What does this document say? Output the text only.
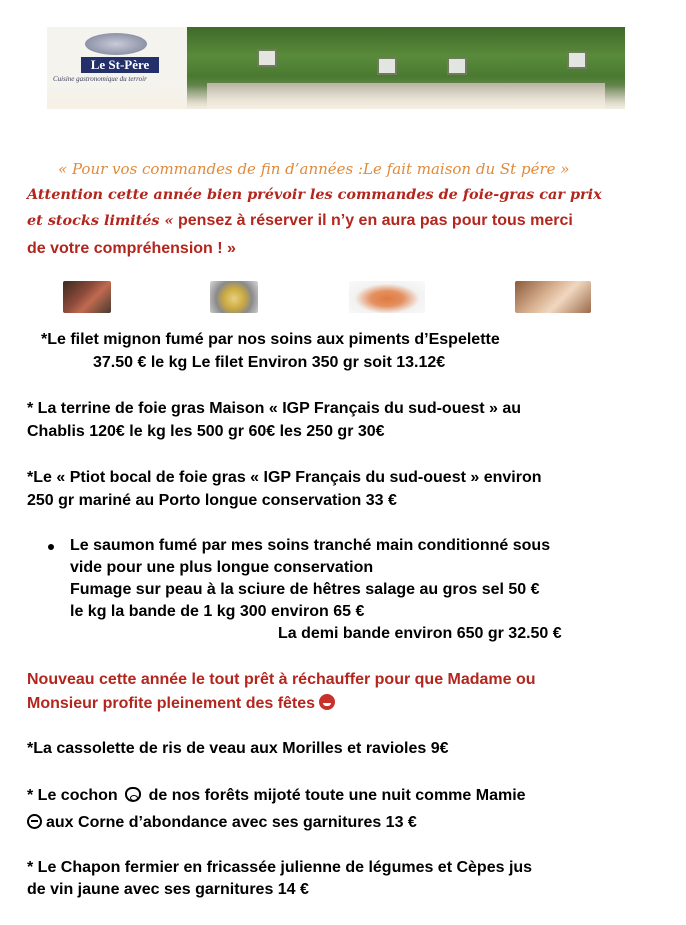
Le St-Père
Cuisine gastronomique du terroir
« Pour vos commandes de fin d’années :Le fait maison du St pére »
Attention cette année bien prévoir les commandes de foie-gras car prix
et stocks limités « pensez à réserver il n’y en aura pas pour tous merci
de votre compréhension ! »
*Le filet mignon fumé par nos soins aux piments d’Espelette
37.50 € le kg Le filet Environ 350 gr soit 13.12€
* La terrine de foie gras Maison « IGP Français du sud-ouest » au
Chablis 120€ le kg les 500 gr 60€ les 250 gr 30€
*Le « Ptiot bocal de foie gras « IGP Français du sud-ouest » environ
250 gr mariné au Porto longue conservation 33 €
Le saumon fumé par mes soins tranché main conditionné sous
vide pour une plus longue conservation
Fumage sur peau à la sciure de hêtres salage au gros sel 50 €
le kg la bande de 1 kg 300 environ 65 €
La demi bande environ 650 gr 32.50 €
Nouveau cette année le tout prêt à réchauffer pour que Madame ou
Monsieur profite pleinement des fêtes
*La cassolette de ris de veau aux Morilles et ravioles 9€
* Le cochon de nos forêts mijoté toute une nuit comme Mamie
aux Corne d’abondance avec ses garnitures 13 €
* Le Chapon fermier en fricassée julienne de légumes et Cèpes jus
de vin jaune avec ses garnitures 14 €
